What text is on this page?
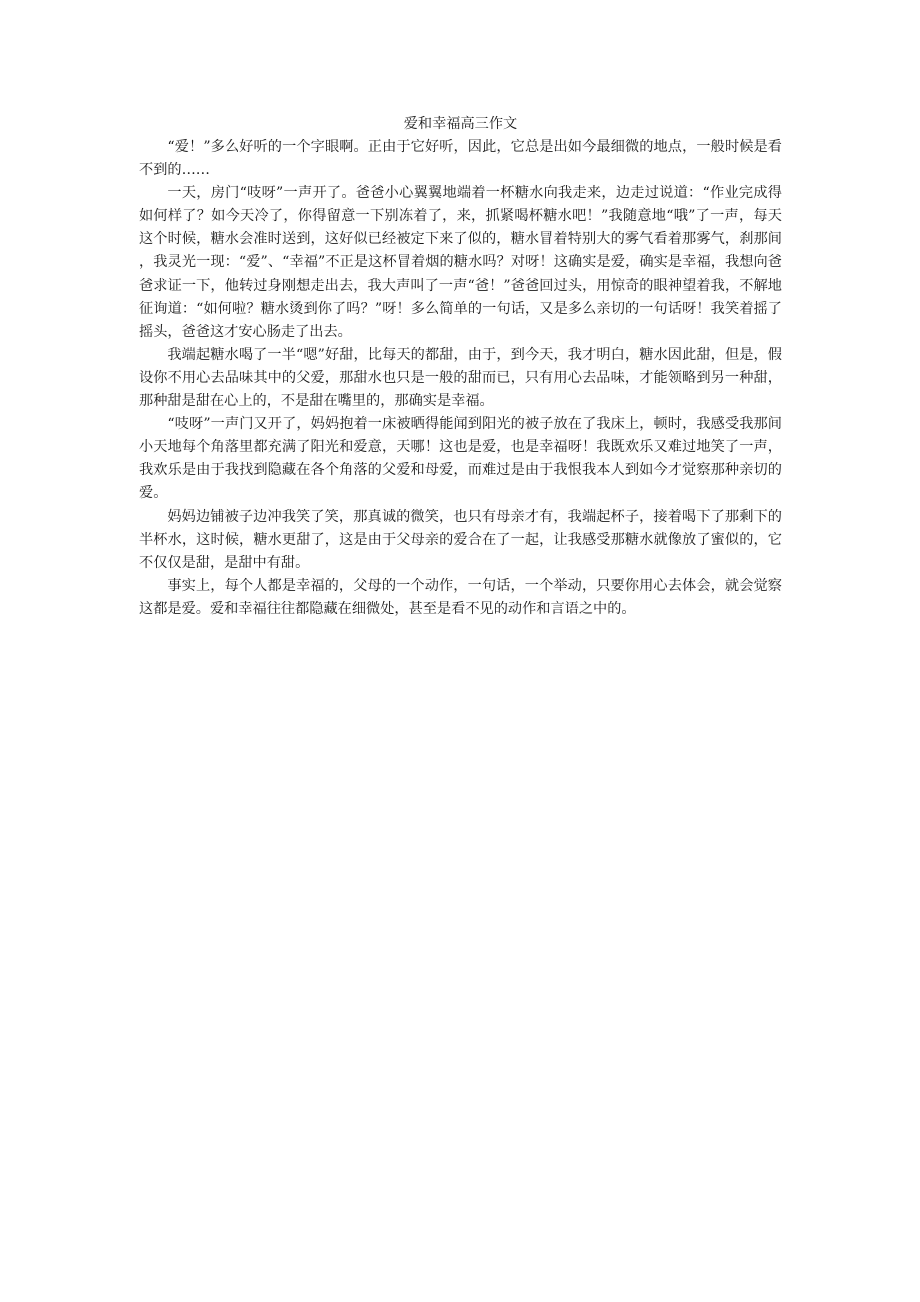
爱和幸福高三作文

“爱！”多么好听的一个字眼啊。正由于它好听，因此，它总是出如今最细微的地点，一般时候是看不到的……

一天，房门“吱呀”一声开了。爸爸小心翼翼地端着一杯糖水向我走来，边走过说道：“作业完成得如何样了？如今天冷了，你得留意一下别冻着了，来，抓紧喝杯糖水吧！”我随意地“哦”了一声，每天这个时候，糖水会准时送到，这好似已经被定下来了似的，糖水冒着特别大的雾气看着那雾气，刹那间，我灵光一现：“爱”、“幸福”不正是这杯冒着烟的糖水吗？对呀！这确实是爱，确实是幸福，我想向爸爸求证一下，他转过身刚想走出去，我大声叫了一声“爸！”爸爸回过头，用惊奇的眼神望着我，不解地征询道：“如何啦？糖水烫到你了吗？”呀！多么简单的一句话，又是多么亲切的一句话呀！我笑着摇了摇头，爸爸这才安心肠走了出去。

我端起糖水喝了一半“嗯”好甜，比每天的都甜，由于，到今天，我才明白，糖水因此甜，但是，假设你不用心去品味其中的父爱，那甜水也只是一般的甜而已，只有用心去品味，才能领略到另一种甜，那种甜是甜在心上的，不是甜在嘴里的，那确实是幸福。

“吱呀”一声门又开了，妈妈抱着一床被晒得能闻到阳光的被子放在了我床上，顿时，我感受我那间小天地每个角落里都充满了阳光和爱意，天哪！这也是爱，也是幸福呀！我既欢乐又难过地笑了一声，我欢乐是由于我找到隐藏在各个角落的父爱和母爱，而难过是由于我恨我本人到如今才觉察那种亲切的爱。

妈妈边铺被子边冲我笑了笑，那真诚的微笑，也只有母亲才有，我端起杯子，接着喝下了那剩下的半杯水，这时候，糖水更甜了，这是由于父母亲的爱合在了一起，让我感受那糖水就像放了蜜似的，它不仅仅是甜，是甜中有甜。

事实上，每个人都是幸福的，父母的一个动作，一句话，一个举动，只要你用心去体会，就会觉察这都是爱。爱和幸福往往都隐藏在细微处，甚至是看不见的动作和言语之中的。
